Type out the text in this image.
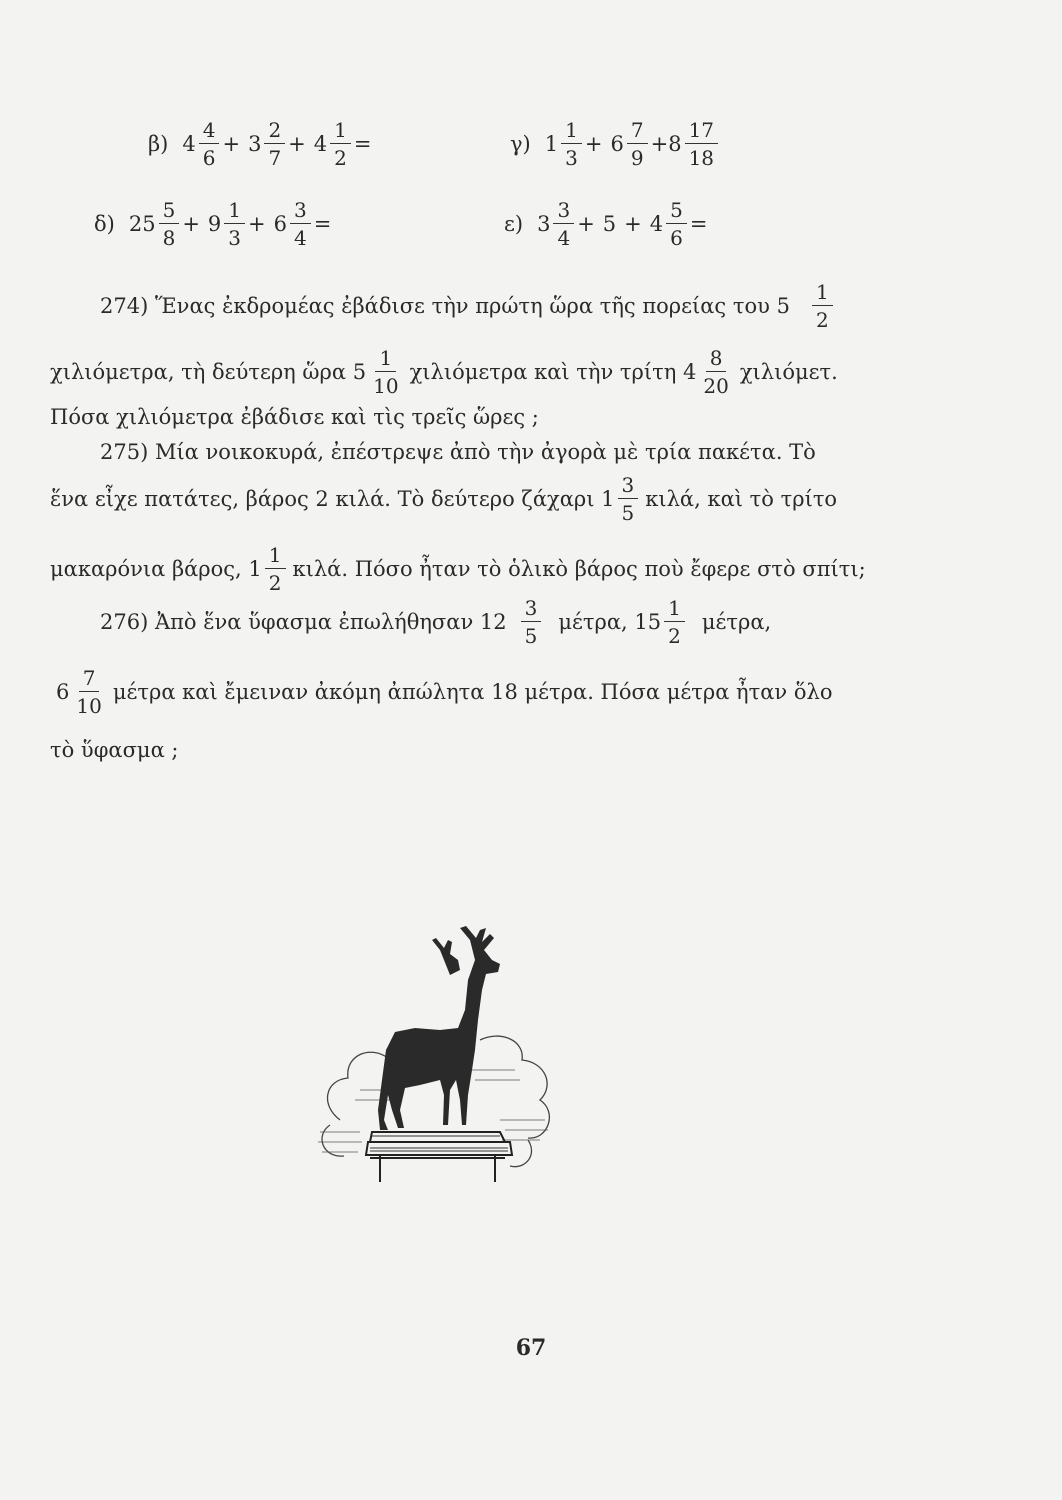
β) $4 \frac{4}{6} + 3 \frac{2}{7} + 4 \frac{1}{2}$ =	γ) $1 \frac{1}{3} + 6 \frac{7}{9} + 8 \frac{17}{18}$
δ) $25 \frac{5}{8} + 9 \frac{1}{3} + 6 \frac{3}{4}$ =	ε) $3 \frac{3}{4} + 5 + 4 \frac{5}{6}$ =
274) Ἕνας ἐκδρομέας ἐβάδισε τὴν πρώτη ὥρα τῆς πορείας του $5 \frac{1}{2}$
χιλιόμετρα, τὴ δεύτερη ὥρα $5 \frac{1}{10}$ χιλιόμετρα καὶ τὴν τρίτη $4 \frac{8}{20} \chi\iota\lambda\iota ό\mu\varepsilon\tau$.
Πόσα χιλιόμετρα ἐβάδισε καὶ τὶς τρεῖς ὥρες ;
275) Μία νοικοκυρά, ἐπέστρεψε ἀπὸ τὴν ἀγορὰ μὲ τρία πακέτα. Τὸ
ἕνα εἶχε πατάτες, βάρος 2 κιλά. Τὸ δεύτερο ζάχαρι $1 \frac{3}{5} \kappa\iota\lambda ά$, καὶ τὸ τρίτο
μακαρόνια βάρος, $1 \frac{1}{2} \kappa\iota\lambda ά$. Πόσο ἦταν τὸ ὁλικὸ βάρος ποὺ ἔφερε στὸ σπίτι;
276) Ἀπὸ ἕνα ὕφασμα ἐπωλήθησαν $12 \frac{3}{5} \mu έ\tau\rho\alpha$, $15 \frac{1}{2} \mu έ\tau\rho\alpha$,
$6 \frac{7}{10}$ μέτρα καὶ ἔμειναν ἀκόμη ἀπώλητα 18 μέτρα. Πόσα μέτρα ἦταν ὅλο
τὸ ὕφασμα ;
67
